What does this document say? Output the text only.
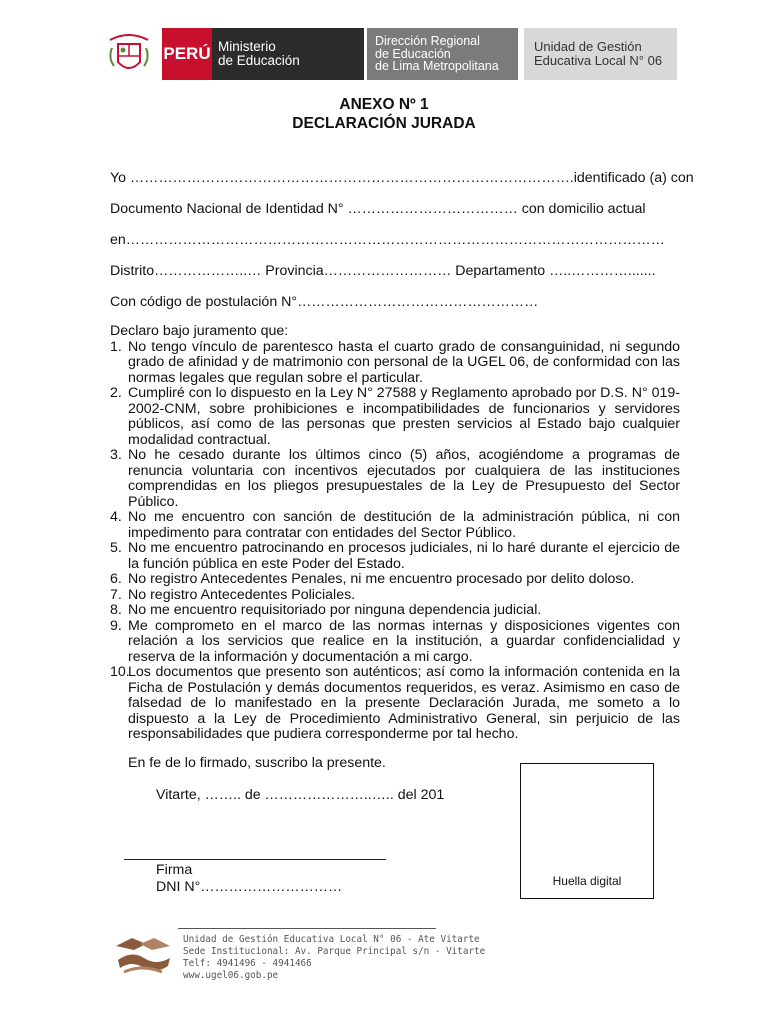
PERÚ Ministerio
de Educación
Dirección Regional
de Educación
de Lima Metropolitana
Unidad de Gestión
Educativa Local N° 06
ANEXO Nº 1
DECLARACIÓN JURADA
Yo ………………………………………………………………………………….identificado (a) con
Documento Nacional de Identidad N° ……………………………… con domicilio actual
en……………………………………………………………………………………………………
Distrito………………..… Provincia……………………… Departamento …..………….......
Con código de postulación N°……………………………………………
Declaro bajo juramento que:
1. No tengo vínculo de parentesco hasta el cuarto grado de consanguinidad, ni segundo grado de afinidad y de matrimonio con personal de la UGEL 06, de conformidad con las normas legales que regulan sobre el particular.
2. Cumpliré con lo dispuesto en la Ley N° 27588 y Reglamento aprobado por D.S. N° 019-2002-CNM, sobre prohibiciones e incompatibilidades de funcionarios y servidores públicos, así como de las personas que presten servicios al Estado bajo cualquier modalidad contractual.
3. No he cesado durante los últimos cinco (5) años, acogiéndome a programas de renuncia voluntaria con incentivos ejecutados por cualquiera de las instituciones comprendidas en los pliegos presupuestales de la Ley de Presupuesto del Sector Público.
4. No me encuentro con sanción de destitución de la administración pública, ni con impedimento para contratar con entidades del Sector Público.
5. No me encuentro patrocinando en procesos judiciales, ni lo haré durante el ejercicio de la función pública en este Poder del Estado.
6. No registro Antecedentes Penales, ni me encuentro procesado por delito doloso.
7. No registro Antecedentes Policiales.
8. No me encuentro requisitoriado por ninguna dependencia judicial.
9. Me comprometo en el marco de las normas internas y disposiciones vigentes con relación a los servicios que realice en la institución, a guardar confidencialidad y reserva de la información y documentación a mi cargo.
10.
Los documentos que presento son auténticos; así como la información contenida en la Ficha de Postulación y demás documentos requeridos, es veraz. Asimismo en caso de falsedad de lo manifestado en la presente Declaración Jurada, me someto a lo dispuesto a la Ley de Procedimiento Administrativo General, sin perjuicio de las responsabilidades que pudiera corresponderme por tal hecho.
En fe de lo firmado, suscribo la presente.
Vitarte, …….. de …………………..….. del 201
Firma
DNI N°…………………………	Huella digital
Unidad de Gestión Educativa Local N° 06 - Ate Vitarte
Sede Institucional: Av. Parque Principal s/n - Vitarte
Telf: 4941496 - 4941466
www.ugel06.gob.pe
